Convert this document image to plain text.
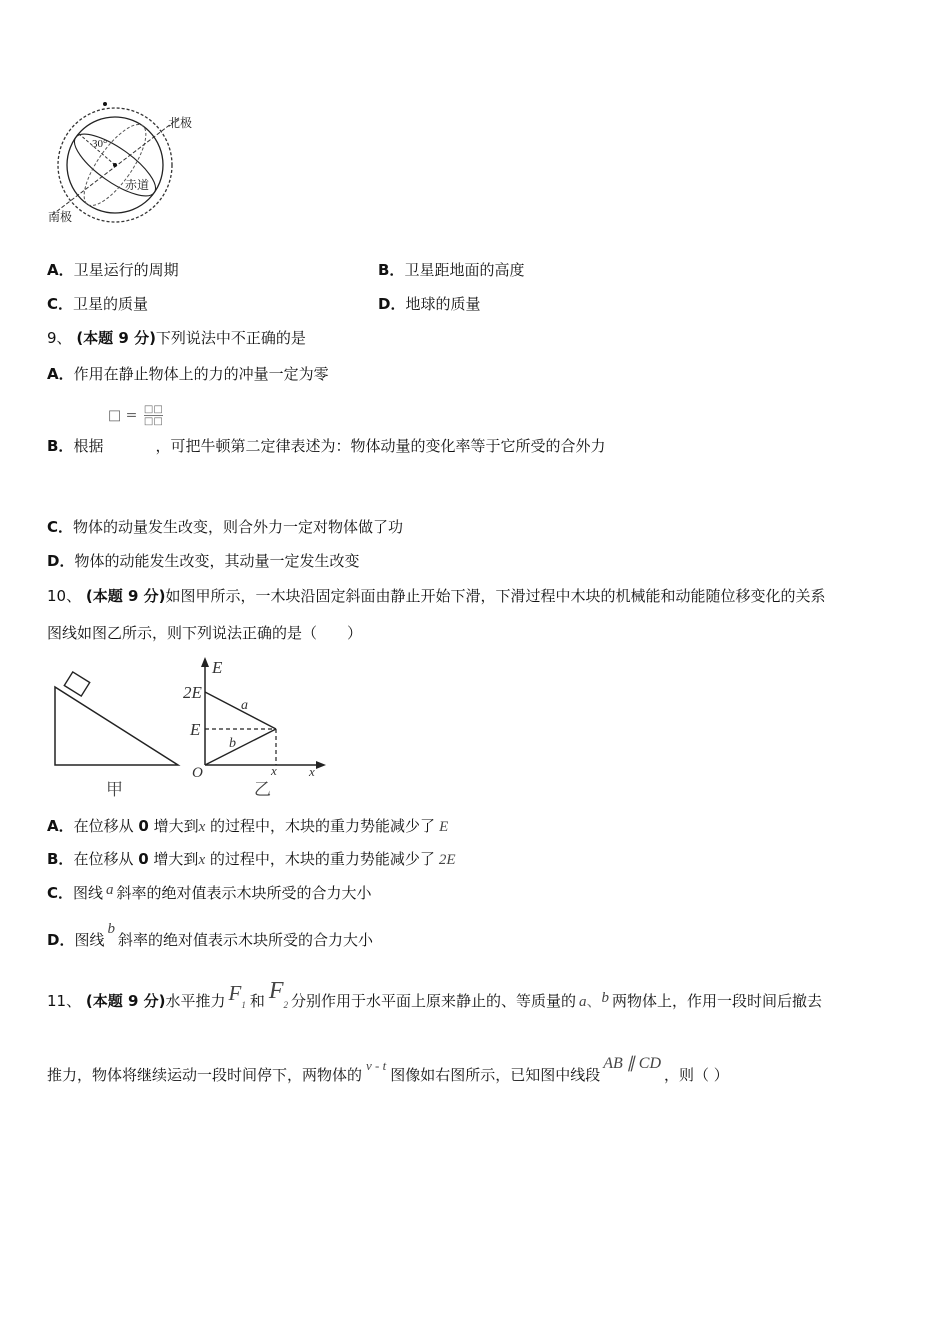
北极
南极
赤道
30°
A．卫星运行的周期	B．卫星距地面的高度
C．卫星的质量	D．地球的质量
9、 (本题 9 分)下列说法中不正确的是
A．作用在静止物体上的力的冲量一定为零
□ = □□
□□
B．根据	，可把牛顿第二定律表述为：物体动量的变化率等于它所受的合外力
C．物体的动量发生改变，则合外力一定对物体做了功
D．物体的动能发生改变，其动量一定发生改变
10、 (本题 9 分)如图甲所示，一木块沿固定斜面由静止开始下滑，下滑过程中木块的机械能和动能随位移变化的关系
图线如图乙所示，则下列说法正确的是（　　）
甲
E
2E
E
O	x x
a
b
乙
A．在位移从 0 增大到x 的过程中，木块的重力势能减少了 E
B．在位移从 0 增大到x 的过程中，木块的重力势能减少了 2E
C．图线 a 斜率的绝对值表示木块所受的合力大小
D．图线b斜率的绝对值表示木块所受的合力大小
11、 (本题 9 分)水平推力 F1 和 F2 分别作用于水平面上原来静止的、等质量的 a、b 两物体上，作用一段时间后撤去
推力，物体将继续运动一段时间停下，两物体的v - t图像如右图所示，已知图中线段AB ∥ CD，则（ ）
